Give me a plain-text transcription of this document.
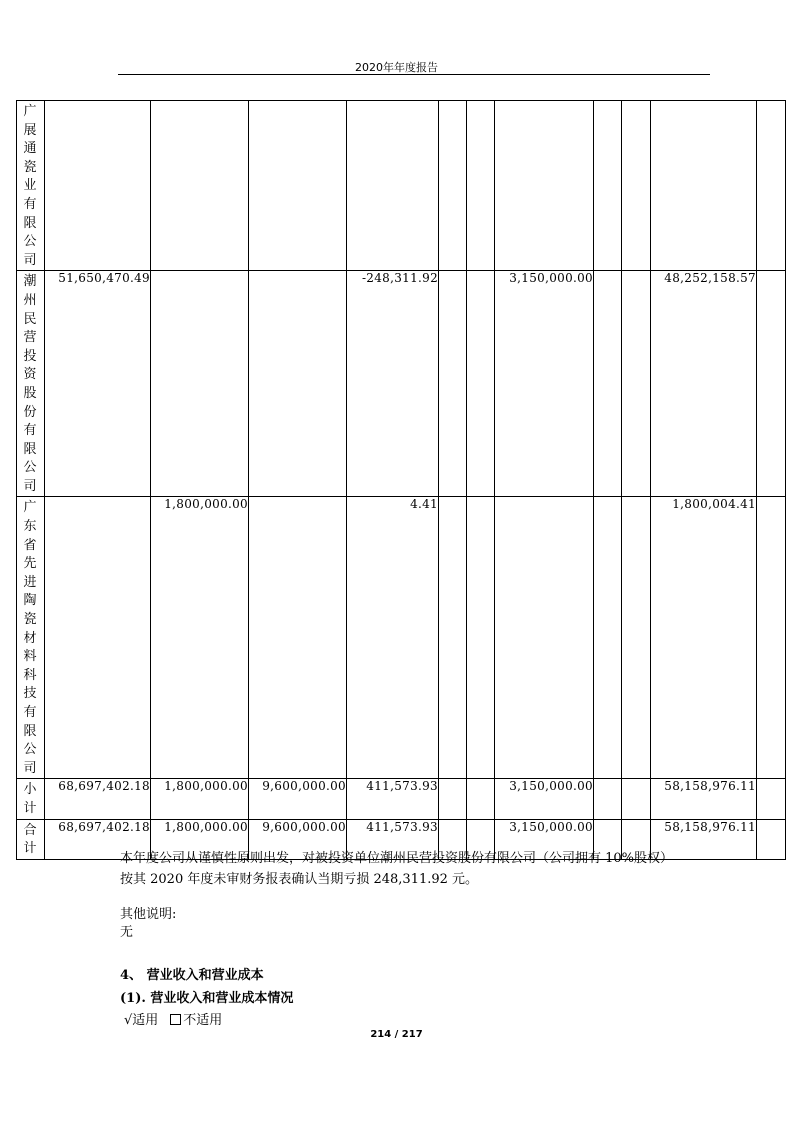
2020年年度报告
广展通瓷业有限公司											

潮州民营投资股份有限公司	51,650,470.49			-248,311.92			3,150,000.00			48,252,158.57	

广东省先进陶瓷材料科技有限公司		1,800,000.00		4.41						1,800,004.41	

小计	68,697,402.18	1,800,000.00	9,600,000.00	411,573.93			3,150,000.00			58,158,976.11	

合计	68,697,402.18	1,800,000.00	9,600,000.00	411,573.93			3,150,000.00			58,158,976.11	
本年度公司从谨慎性原则出发，对被投资单位潮州民营投资股份有限公司（公司拥有 10%股权）
按其 2020 年度未审财务报表确认当期亏损 248,311.92 元。
其他说明:
无
4、 营业收入和营业成本
(1). 营业收入和营业成本情况
√适用 不适用
214 / 217
